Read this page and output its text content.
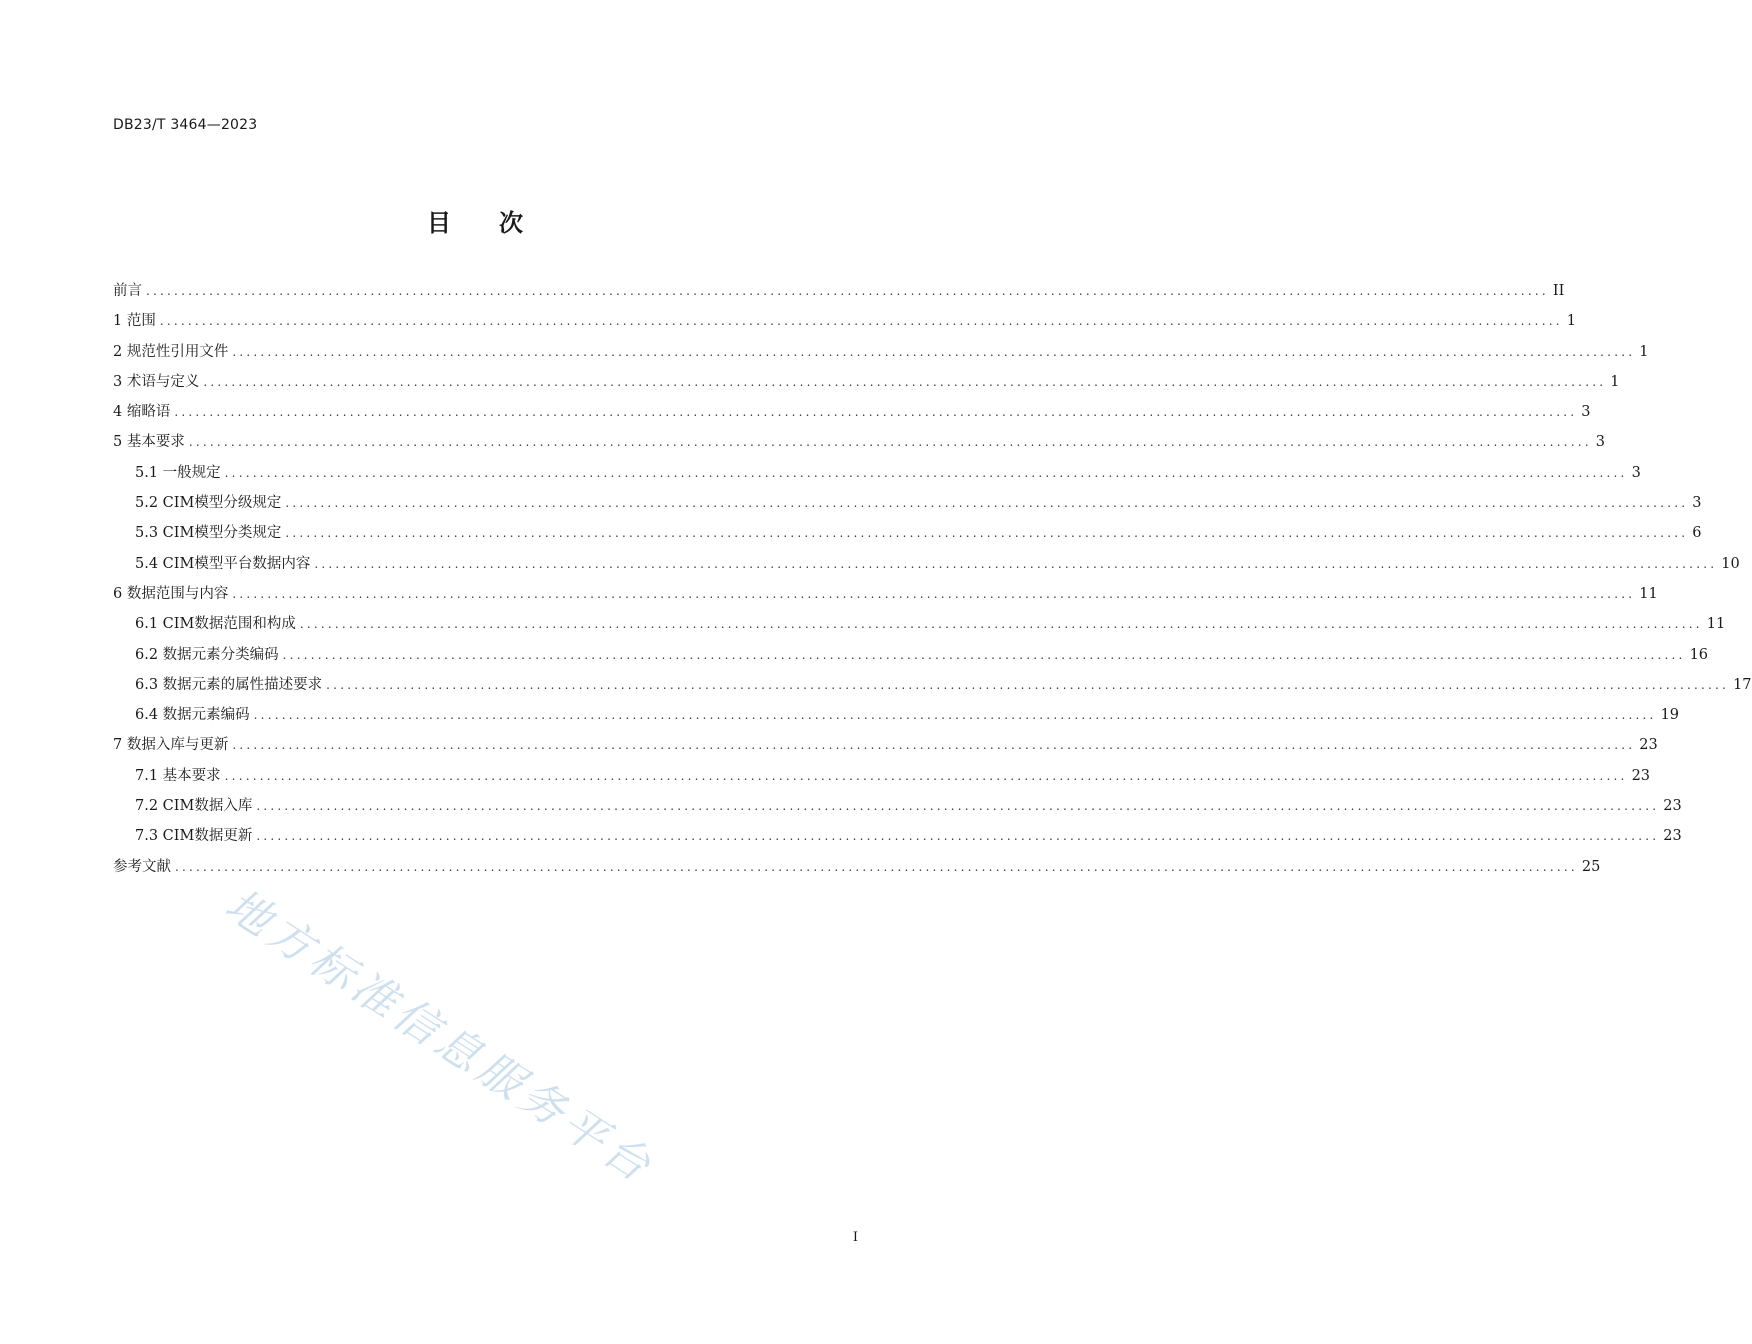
DB23/T 3464—2023
目 次
前言 ........................................................................................................................................................................................................ II
1 范围 ........................................................................................................................................................................................................ 1
2 规范性引用文件 ........................................................................................................................................................................................................ 1
3 术语与定义 ........................................................................................................................................................................................................ 1
4 缩略语 ........................................................................................................................................................................................................ 3
5 基本要求 ........................................................................................................................................................................................................ 3
5.1 一般规定 ........................................................................................................................................................................................................ 3
5.2 CIM模型分级规定 ........................................................................................................................................................................................................ 3
5.3 CIM模型分类规定 ........................................................................................................................................................................................................ 6
5.4 CIM模型平台数据内容 ........................................................................................................................................................................................................ 10
6 数据范围与内容 ........................................................................................................................................................................................................ 11
6.1 CIM数据范围和构成 ........................................................................................................................................................................................................ 11
6.2 数据元素分类编码 ........................................................................................................................................................................................................ 16
6.3 数据元素的属性描述要求 ........................................................................................................................................................................................................ 17
6.4 数据元素编码 ........................................................................................................................................................................................................ 19
7 数据入库与更新 ........................................................................................................................................................................................................ 23
7.1 基本要求 ........................................................................................................................................................................................................ 23
7.2 CIM数据入库 ........................................................................................................................................................................................................ 23
7.3 CIM数据更新 ........................................................................................................................................................................................................ 23
参考文献 ........................................................................................................................................................................................................ 25
I
地方标准信息服务平台
